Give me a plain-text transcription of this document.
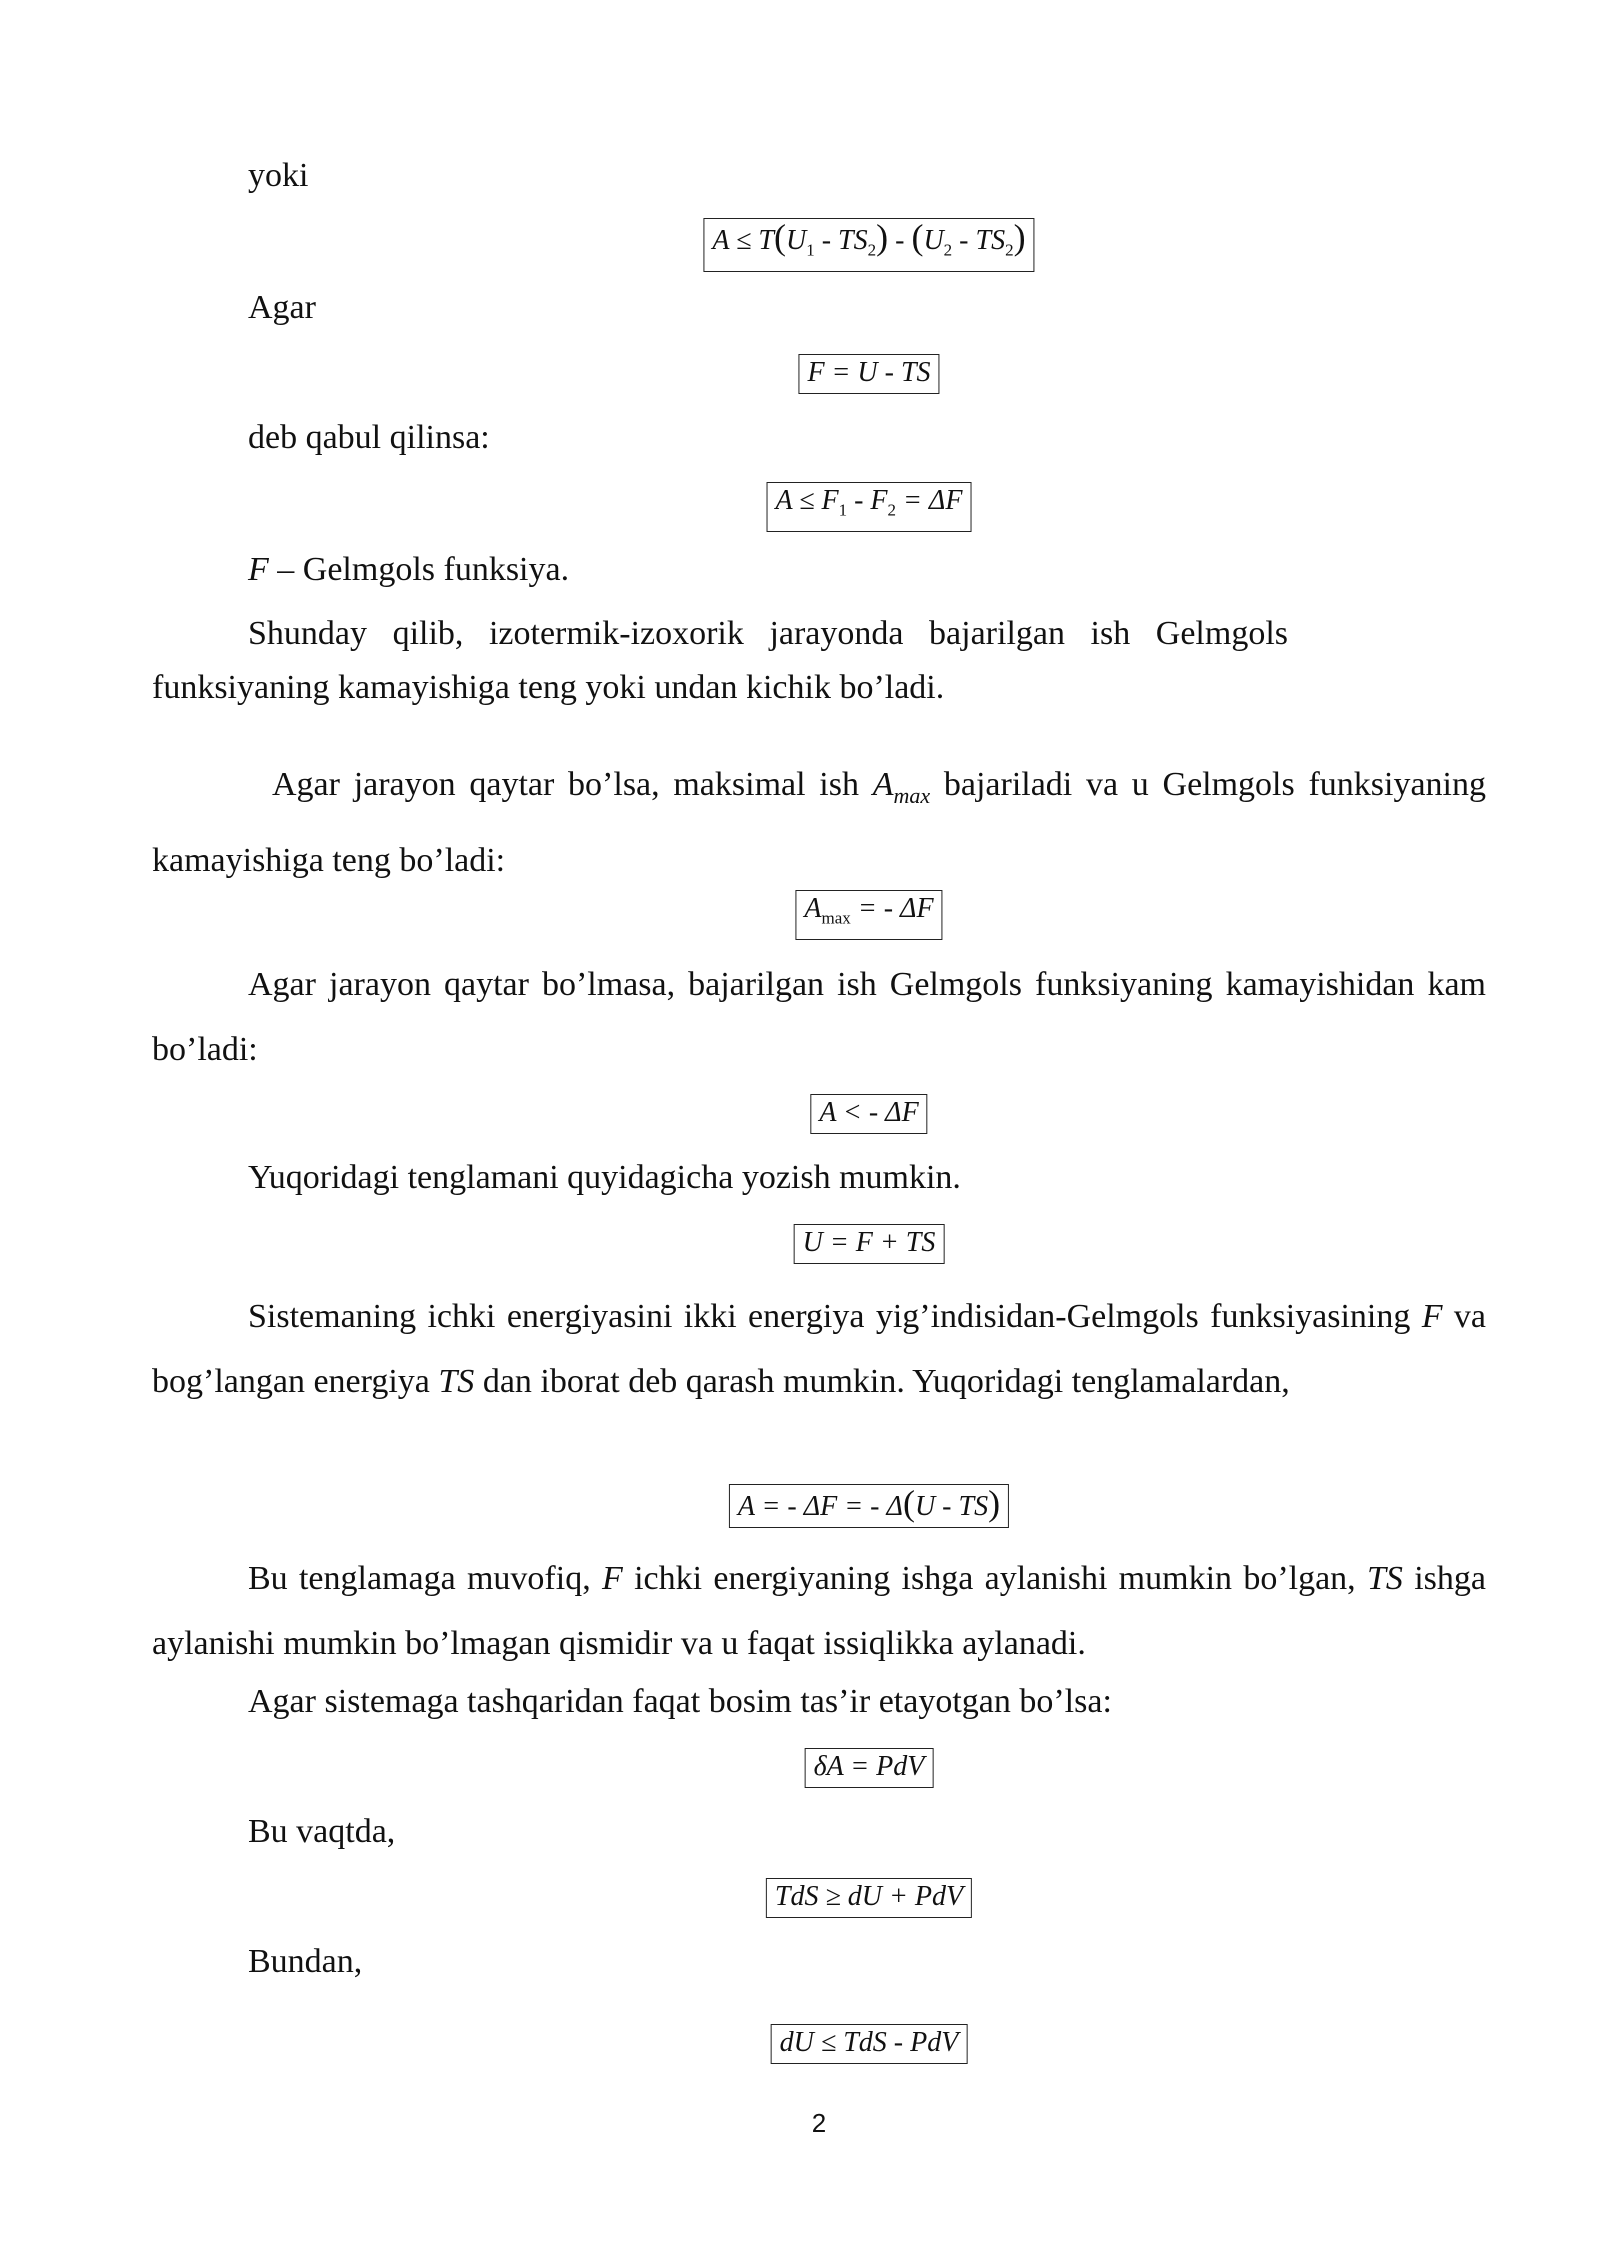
yoki

$A \le T(U_1 - TS_2) - (U_2 - TS_2)$

Agar

F = U - TS

deb qabul qilinsa:

$A \le F_1 - F_2 = \Delta F$

F – Gelmgols funksiya.

Shunday qilib, izotermik-izoxorik jarayonda bajarilgan ish Gelmgols

funksiyaning kamayishiga teng yoki undan kichik bo’ladi.

Agar jarayon qaytar bo’lsa, maksimal ish $A_{max}$ bajariladi va u Gelmgols funksiyaning kamayishiga teng bo’ladi:

$A_{max}$ = - ΔF

Agar jarayon qaytar bo’lmasa, bajarilgan ish Gelmgols funksiyaning kamayishidan kam bo’ladi:

A < - ΔF

Yuqoridagi tenglamani quyidagicha yozish mumkin.

U = F + TS

Sistemaning ichki energiyasini ikki energiya yig’indisidan-Gelmgols funksiyasining F va bog’langan energiya TS dan iborat deb qarash mumkin. Yuqoridagi tenglamalardan,

A = - ΔF = - Δ(U - TS)

Bu tenglamaga muvofiq, F ichki energiyaning ishga aylanishi mumkin bo’lgan, TS ishga aylanishi mumkin bo’lmagan qismidir va u faqat issiqlikka aylanadi.

Agar sistemaga tashqaridan faqat bosim tas’ir etayotgan bo’lsa:

δA = PdV

Bu vaqtda,

TdS ≥ dU + PdV

Bundan,

dU ≤ TdS - PdV
2
